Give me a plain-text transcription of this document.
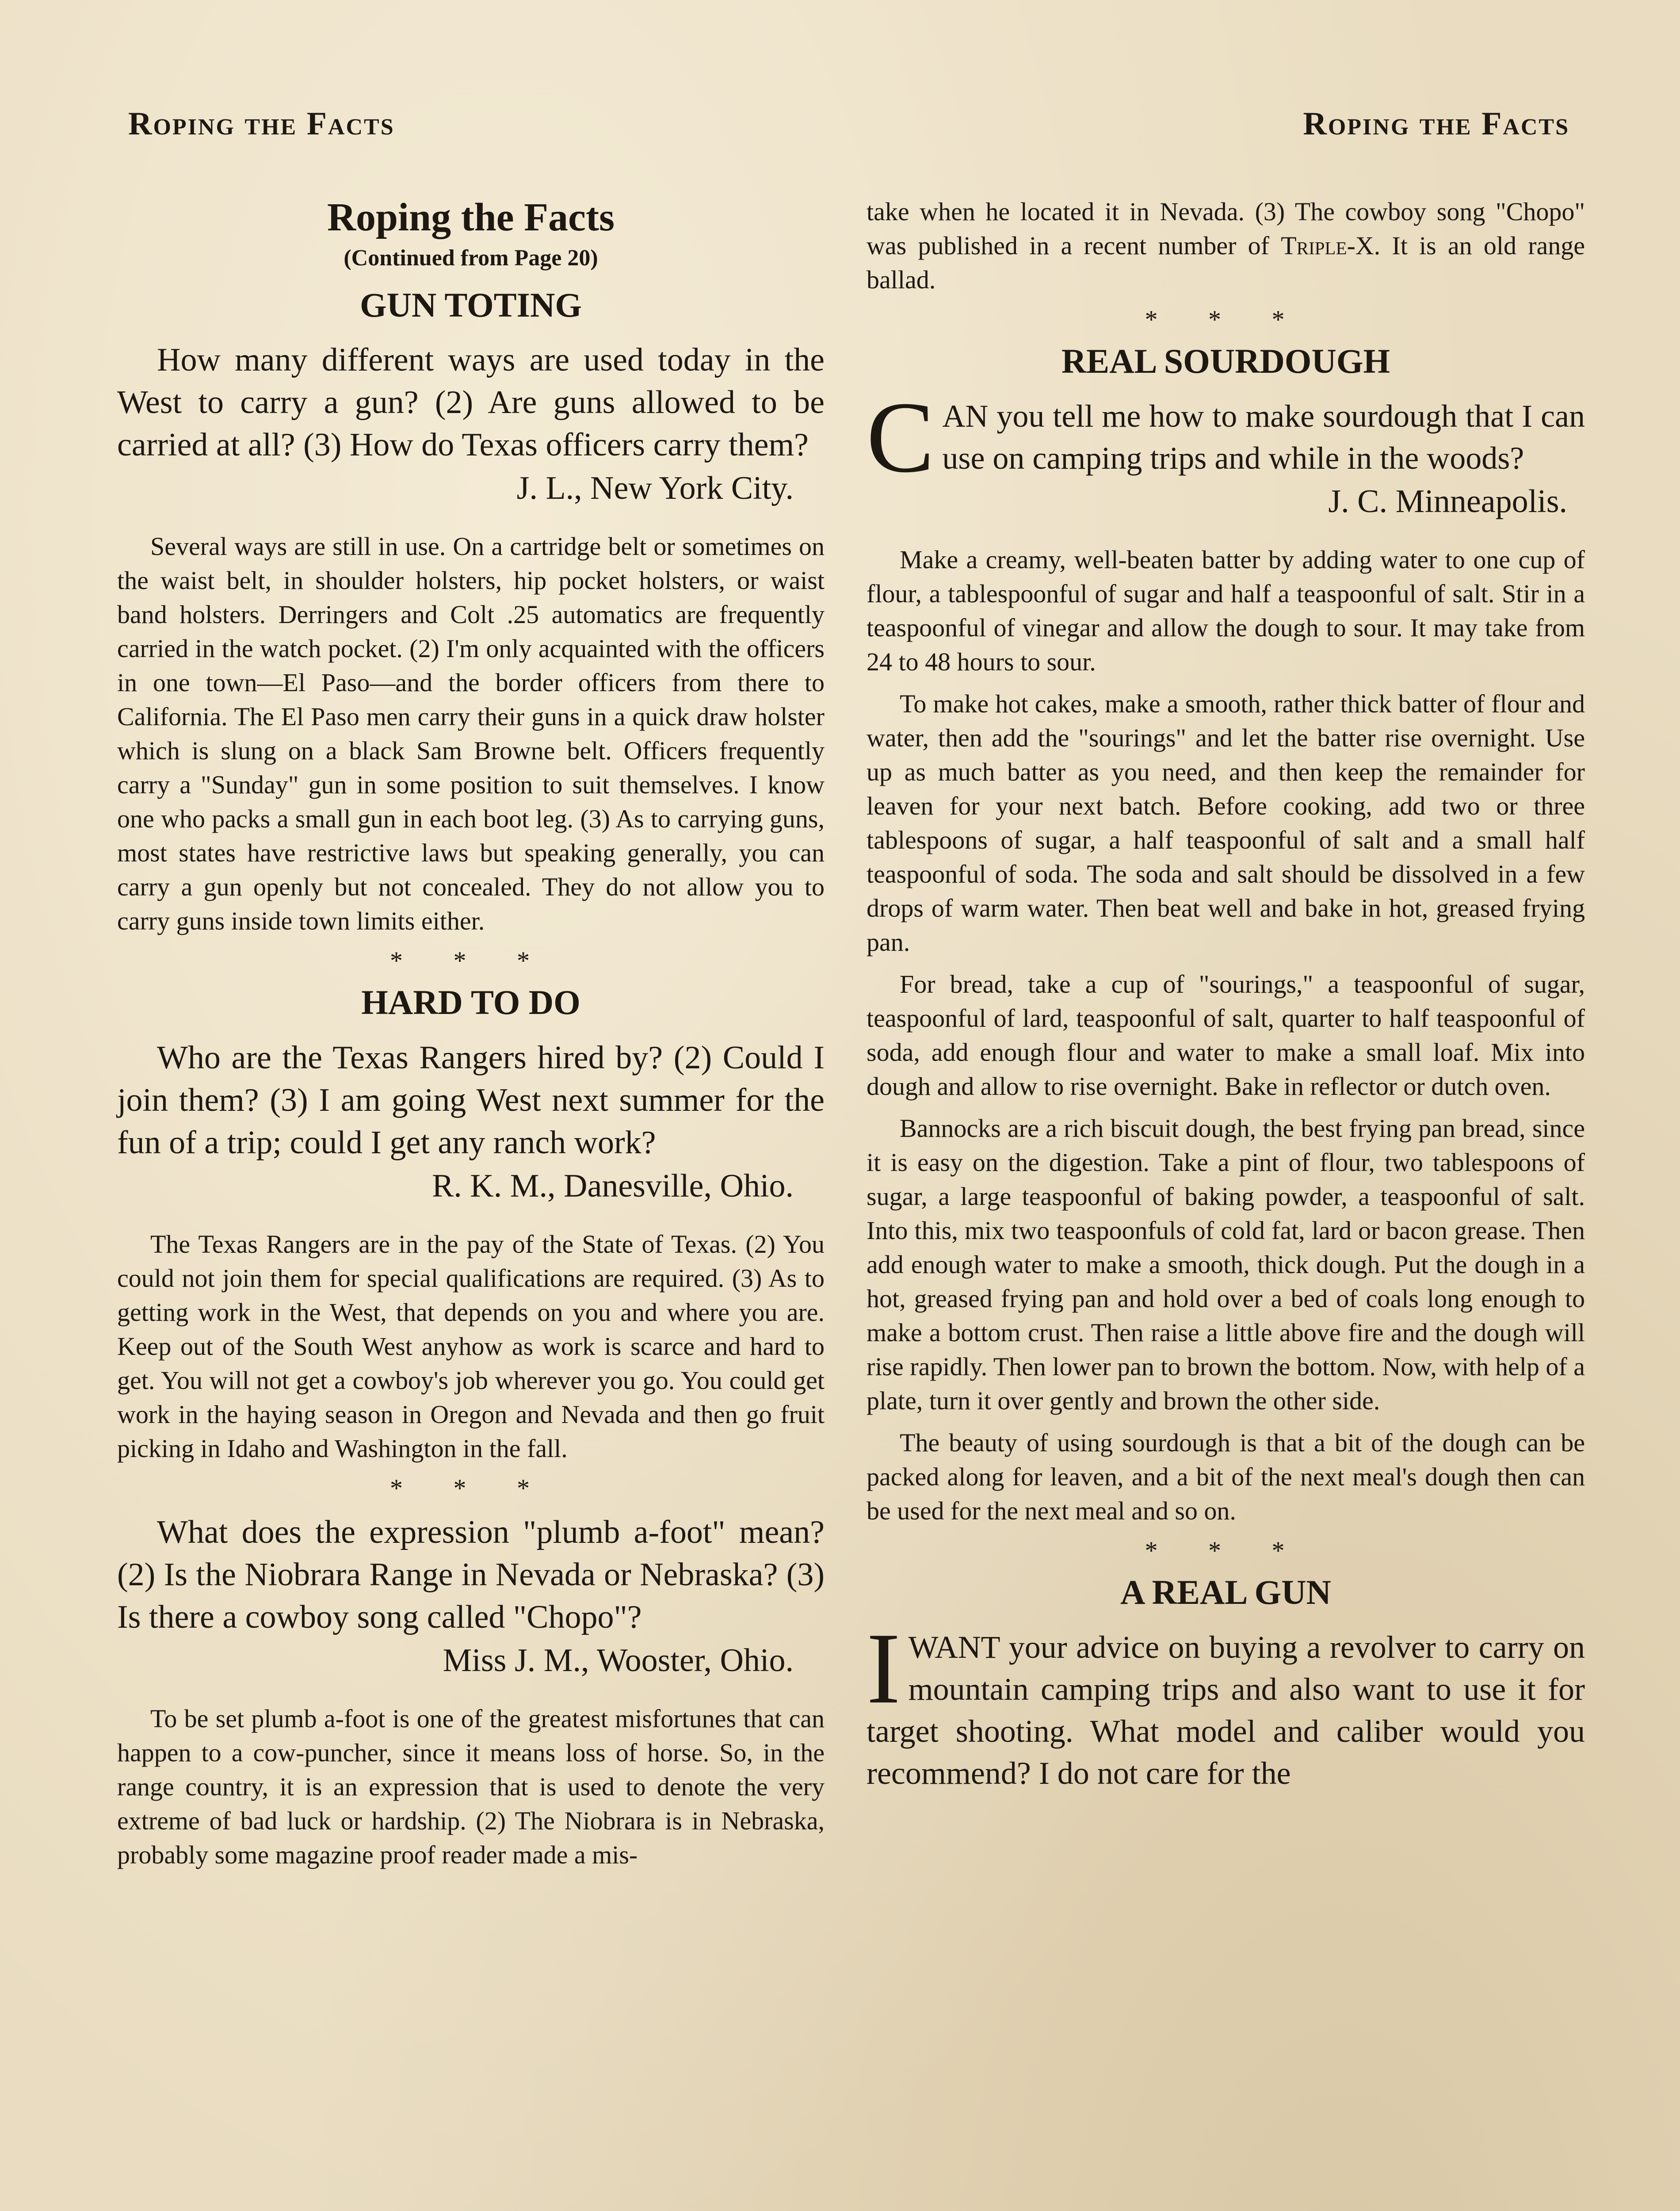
Roping the Facts	Roping the Facts
Roping the Facts
(Continued from Page 20)
GUN TOTING

How many different ways are used today in the West to carry a gun? (2) Are guns allowed to be carried at all? (3) How do Texas officers carry them?

J. L., New York City.

Several ways are still in use. On a cartridge belt or sometimes on the waist belt, in shoulder holsters, hip pocket holsters, or waist band holsters. Derringers and Colt .25 automatics are frequently carried in the watch pocket. (2) I'm only acquainted with the officers in one town—El Paso—and the border officers from there to California. The El Paso men carry their guns in a quick draw holster which is slung on a black Sam Browne belt. Officers frequently carry a "Sunday" gun in some position to suit themselves. I know one who packs a small gun in each boot leg. (3) As to carrying guns, most states have restrictive laws but speaking generally, you can carry a gun openly but not concealed. They do not allow you to carry guns inside town limits either.

* * *
HARD TO DO

Who are the Texas Rangers hired by? (2) Could I join them? (3) I am going West next summer for the fun of a trip; could I get any ranch work?

R. K. M., Danesville, Ohio.

The Texas Rangers are in the pay of the State of Texas. (2) You could not join them for special qualifications are required. (3) As to getting work in the West, that depends on you and where you are. Keep out of the South West anyhow as work is scarce and hard to get. You will not get a cowboy's job wherever you go. You could get work in the haying season in Oregon and Nevada and then go fruit picking in Idaho and Washington in the fall.

* * *

What does the expression "plumb a-foot" mean? (2) Is the Niobrara Range in Nevada or Nebraska? (3) Is there a cowboy song called "Chopo"?

Miss J. M., Wooster, Ohio.

To be set plumb a-foot is one of the greatest misfortunes that can happen to a cow-puncher, since it means loss of horse. So, in the range country, it is an expression that is used to denote the very extreme of bad luck or hardship. (2) The Niobrara is in Nebraska, probably some magazine proof reader made a mis-

take when he located it in Nevada. (3) The cowboy song "Chopo" was published in a recent number of Triple-X. It is an old range ballad.

* * *
REAL SOURDOUGH
C AN you tell me how to make sourdough that I can use on camping trips and while in the woods?

J. C. Minneapolis.

Make a creamy, well-beaten batter by adding water to one cup of flour, a tablespoonful of sugar and half a teaspoonful of salt. Stir in a teaspoonful of vinegar and allow the dough to sour. It may take from 24 to 48 hours to sour.

To make hot cakes, make a smooth, rather thick batter of flour and water, then add the "sourings" and let the batter rise overnight. Use up as much batter as you need, and then keep the remainder for leaven for your next batch. Before cooking, add two or three tablespoons of sugar, a half teaspoonful of salt and a small half teaspoonful of soda. The soda and salt should be dissolved in a few drops of warm water. Then beat well and bake in hot, greased frying pan.

For bread, take a cup of "sourings," a teaspoonful of sugar, teaspoonful of lard, teaspoonful of salt, quarter to half teaspoonful of soda, add enough flour and water to make a small loaf. Mix into dough and allow to rise overnight. Bake in reflector or dutch oven.

Bannocks are a rich biscuit dough, the best frying pan bread, since it is easy on the digestion. Take a pint of flour, two tablespoons of sugar, a large teaspoonful of baking powder, a teaspoonful of salt. Into this, mix two teaspoonfuls of cold fat, lard or bacon grease. Then add enough water to make a smooth, thick dough. Put the dough in a hot, greased frying pan and hold over a bed of coals long enough to make a bottom crust. Then raise a little above fire and the dough will rise rapidly. Then lower pan to brown the bottom. Now, with help of a plate, turn it over gently and brown the other side.

The beauty of using sourdough is that a bit of the dough can be packed along for leaven, and a bit of the next meal's dough then can be used for the next meal and so on.

* * *
A REAL GUN
I WANT your advice on buying a revolver to carry on mountain camping trips and also want to use it for target shooting. What model and caliber would you recommend? I do not care for the
